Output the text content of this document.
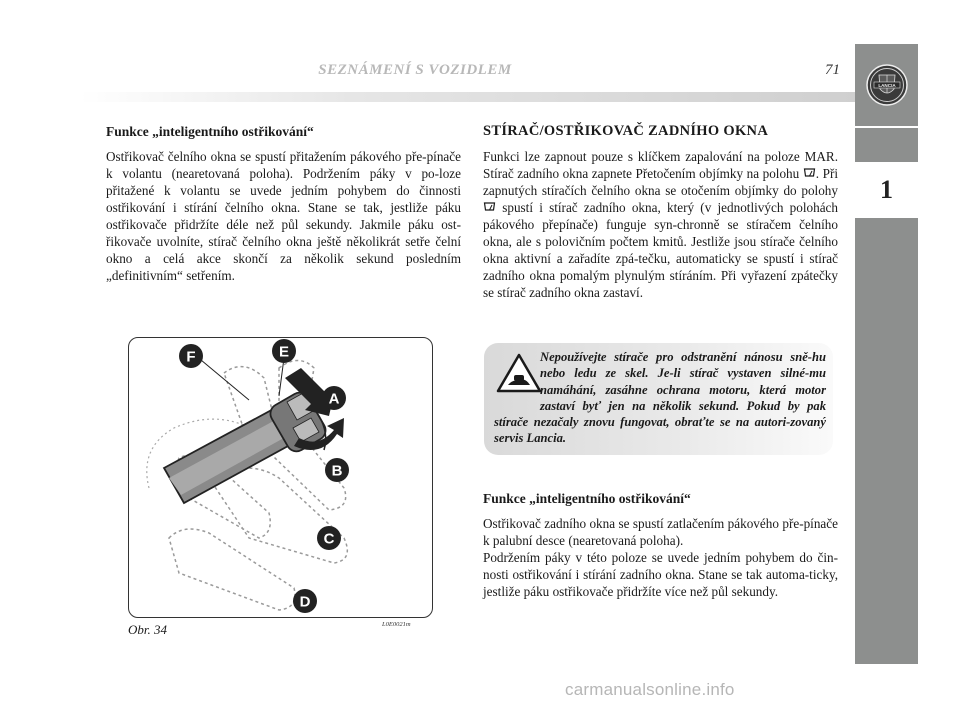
SEZNÁMENÍ S VOZIDLEM	71
LANCIA
1

Funkce „inteligentního ostřikování“

Ostřikovač čelního okna se spustí přitažením pákového pře-pínače k volantu (nearetovaná poloha). Podržením páky v po-loze přitažené k volantu se uvede jedním pohybem do činnosti ostřikování i stírání čelního okna. Stane se tak, jestliže páku ostřikovače přidržíte déle než půl sekundy. Jakmile páku ost-řikovače uvolníte, stírač čelního okna ještě několikrát setře čelní okno a celá akce skončí za několik sekund posledním „definitivním“ setřením.

STÍRAČ/OSTŘIKOVAČ ZADNÍHO OKNA

Funkci lze zapnout pouze s klíčkem zapalování na poloze MAR. Stírač zadního okna zapnete Přetočením objímky na polohu . Při zapnutých stíračích čelního okna se otočením objímky do polohy  spustí i stírač zadního okna, který (v jednotlivých polohách pákového přepínače) funguje syn-chronně se stíračem čelního okna, ale s polovičním počtem kmitů. Jestliže jsou stírače čelního okna aktivní a zařadíte zpá-tečku, automaticky se spustí i stírač zadního okna pomalým plynulým stíráním. Při vyřazení zpátečky se stírač zadního okna zastaví.

Nepoužívejte stírače pro odstranění nánosu sně-hu nebo ledu ze skel. Je-li stírač vystaven silné-mu namáhání, zasáhne ochrana motoru, která motor zastaví byť jen na několik sekund. Pokud by pak stírače nezačaly znovu fungovat, obraťte se na autori-zovaný servis Lancia.

Funkce „inteligentního ostřikování“

Ostřikovač zadního okna se spustí zatlačením pákového pře-pínače k palubní desce (nearetovaná poloha).

Podržením páky v této poloze se uvede jedním pohybem do čin-nosti ostřikování i stírání zadního okna. Stane se tak automa-ticky, jestliže páku ostřikovače přidržíte více než půl sekundy.

F	E
A
B
C
D
Obr. 34	L0E0021m
carmanualsonline.info
